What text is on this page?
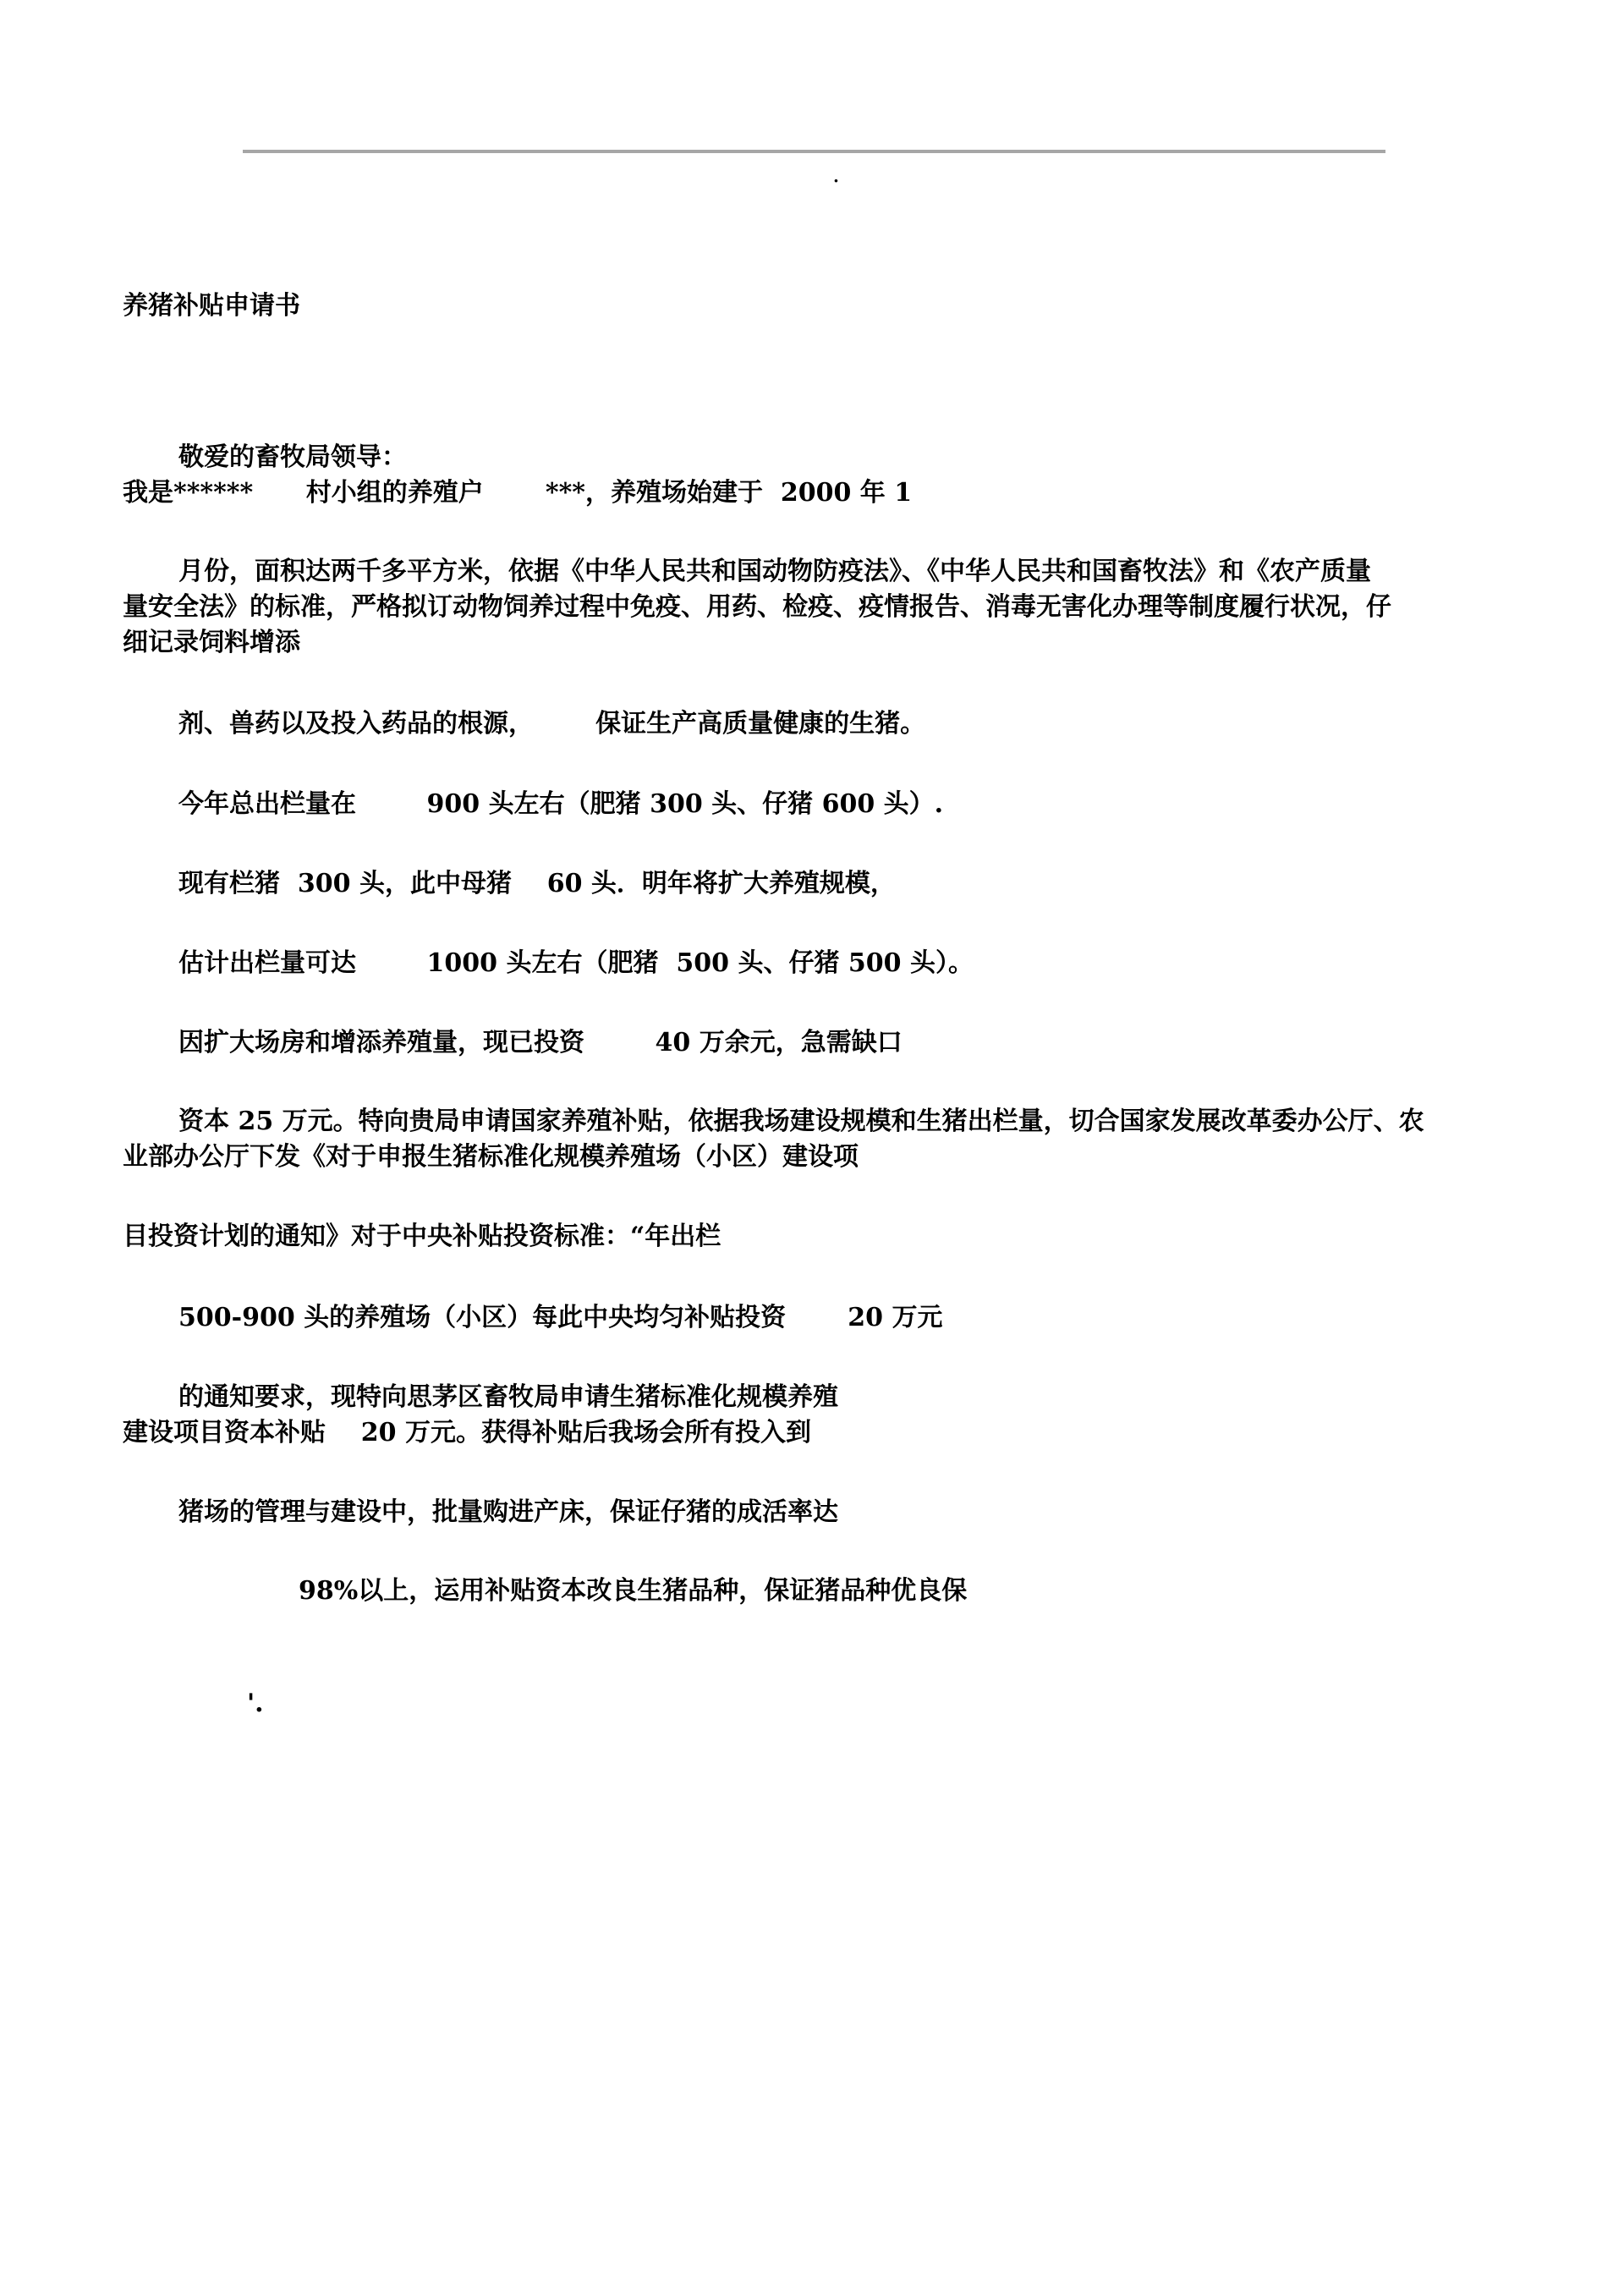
.
养猪补贴申请书
敬爱的畜牧局领导：
我是******      村小组的养殖户       ***，养殖场始建于  2000 年 1
月份，面积达两千多平方米，依据《中华人民共和国动物防疫法》、《中华人民共和国畜牧法》和《农产质量
量安全法》的标准，严格拟订动物饲养过程中免疫、用药、检疫、疫情报告、消毒无害化办理等制度履行状况，仔
细记录饲料增添
剂、兽药以及投入药品的根源，       保证生产高质量健康的生猪。
今年总出栏量在        900 头左右（肥猪 300 头、仔猪 600 头）.
现有栏猪  300 头，此中母猪    60 头．明年将扩大养殖规模，
估计出栏量可达        1000 头左右（肥猪  500 头、仔猪 500 头）。
因扩大场房和增添养殖量，现已投资        40 万余元，急需缺口
资本 25 万元。特向贵局申请国家养殖补贴，依据我场建设规模和生猪出栏量，切合国家发展改革委办公厅、农
业部办公厅下发《对于申报生猪标准化规模养殖场（小区）建设项
目投资计划的通知》对于中央补贴投资标准：“年出栏
500-900 头的养殖场（小区）每此中央均匀补贴投资       20 万元
的通知要求，现特向思茅区畜牧局申请生猪标准化规模养殖
建设项目资本补贴    20 万元。获得补贴后我场会所有投入到
猪场的管理与建设中，批量购进产床，保证仔猪的成活率达
98%以上，运用补贴资本改良生猪品种，保证猪品种优良保
'.
